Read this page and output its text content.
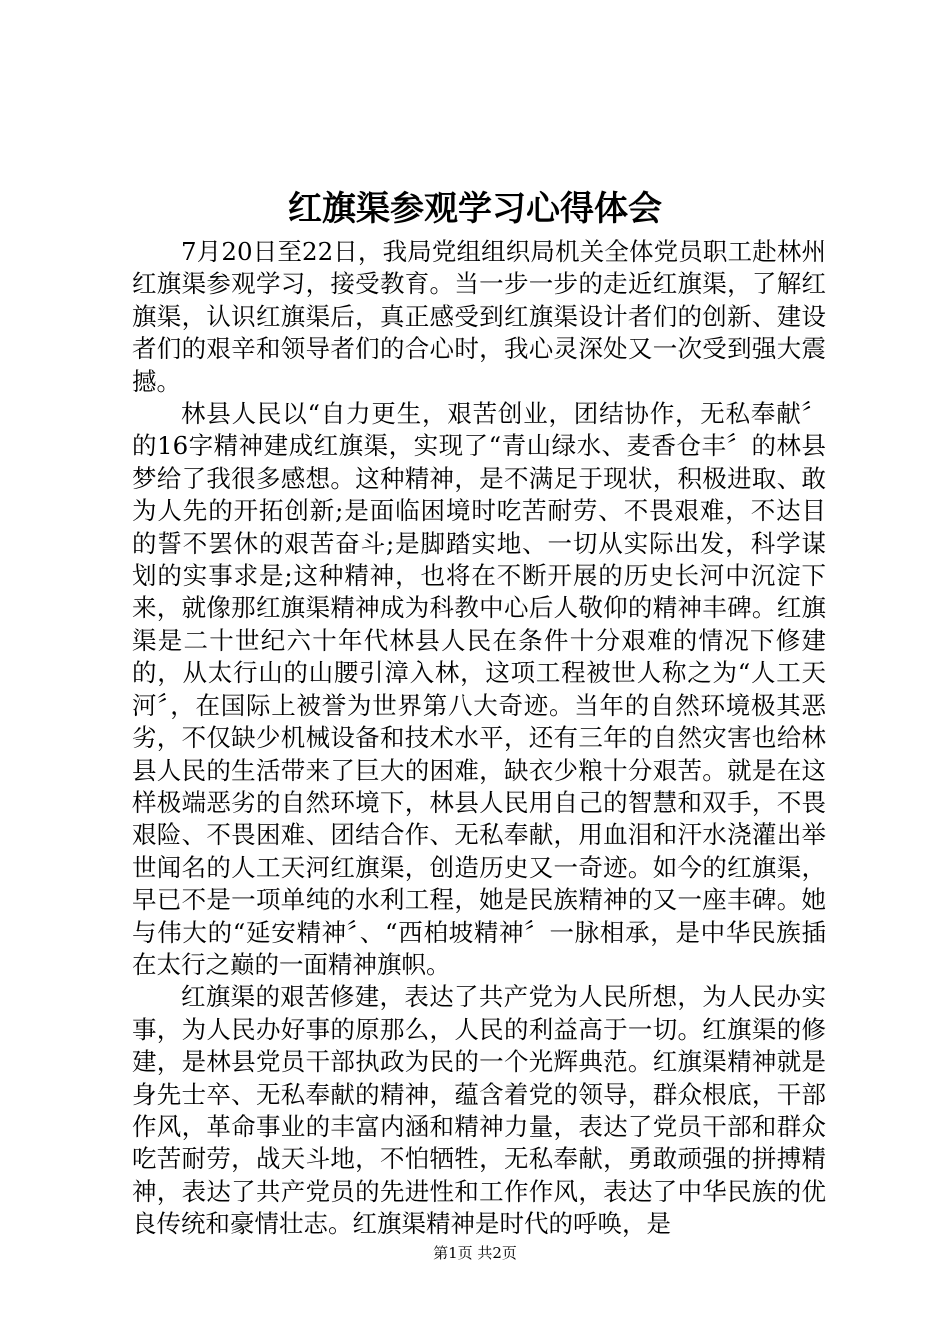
红旗渠参观学习心得体会

7月20日至22日，我局党组组织局机关全体党员职工赴林州红旗渠参观学习，接受教育。当一步一步的走近红旗渠，了解红旗渠，认识红旗渠后，真正感受到红旗渠设计者们的创新、建设者们的艰辛和领导者们的合心时，我心灵深处又一次受到强大震撼。

林县人民以“自力更生，艰苦创业，团结协作，无私奉献〞的16字精神建成红旗渠，实现了“青山绿水、麦香仓丰〞的林县梦给了我很多感想。这种精神，是不满足于现状，积极进取、敢为人先的开拓创新;是面临困境时吃苦耐劳、不畏艰难，不达目的誓不罢休的艰苦奋斗;是脚踏实地、一切从实际出发，科学谋划的实事求是;这种精神，也将在不断开展的历史长河中沉淀下来，就像那红旗渠精神成为科教中心后人敬仰的精神丰碑。红旗渠是二十世纪六十年代林县人民在条件十分艰难的情况下修建的，从太行山的山腰引漳入林，这项工程被世人称之为“人工天河〞，在国际上被誉为世界第八大奇迹。当年的自然环境极其恶劣，不仅缺少机械设备和技术水平，还有三年的自然灾害也给林县人民的生活带来了巨大的困难，缺衣少粮十分艰苦。就是在这样极端恶劣的自然环境下，林县人民用自己的智慧和双手，不畏艰险、不畏困难、团结合作、无私奉献，用血泪和汗水浇灌出举世闻名的人工天河红旗渠，创造历史又一奇迹。如今的红旗渠，早已不是一项单纯的水利工程，她是民族精神的又一座丰碑。她与伟大的“延安精神〞、“西柏坡精神〞一脉相承，是中华民族插在太行之巅的一面精神旗帜。

红旗渠的艰苦修建，表达了共产党为人民所想，为人民办实事，为人民办好事的原那么，人民的利益高于一切。红旗渠的修建，是林县党员干部执政为民的一个光辉典范。红旗渠精神就是身先士卒、无私奉献的精神，蕴含着党的领导，群众根底，干部作风，革命事业的丰富内涵和精神力量，表达了党员干部和群众吃苦耐劳，战天斗地，不怕牺牲，无私奉献，勇敢顽强的拼搏精神，表达了共产党员的先进性和工作作风，表达了中华民族的优良传统和豪情壮志。红旗渠精神是时代的呼唤，是

第1页 共2页
